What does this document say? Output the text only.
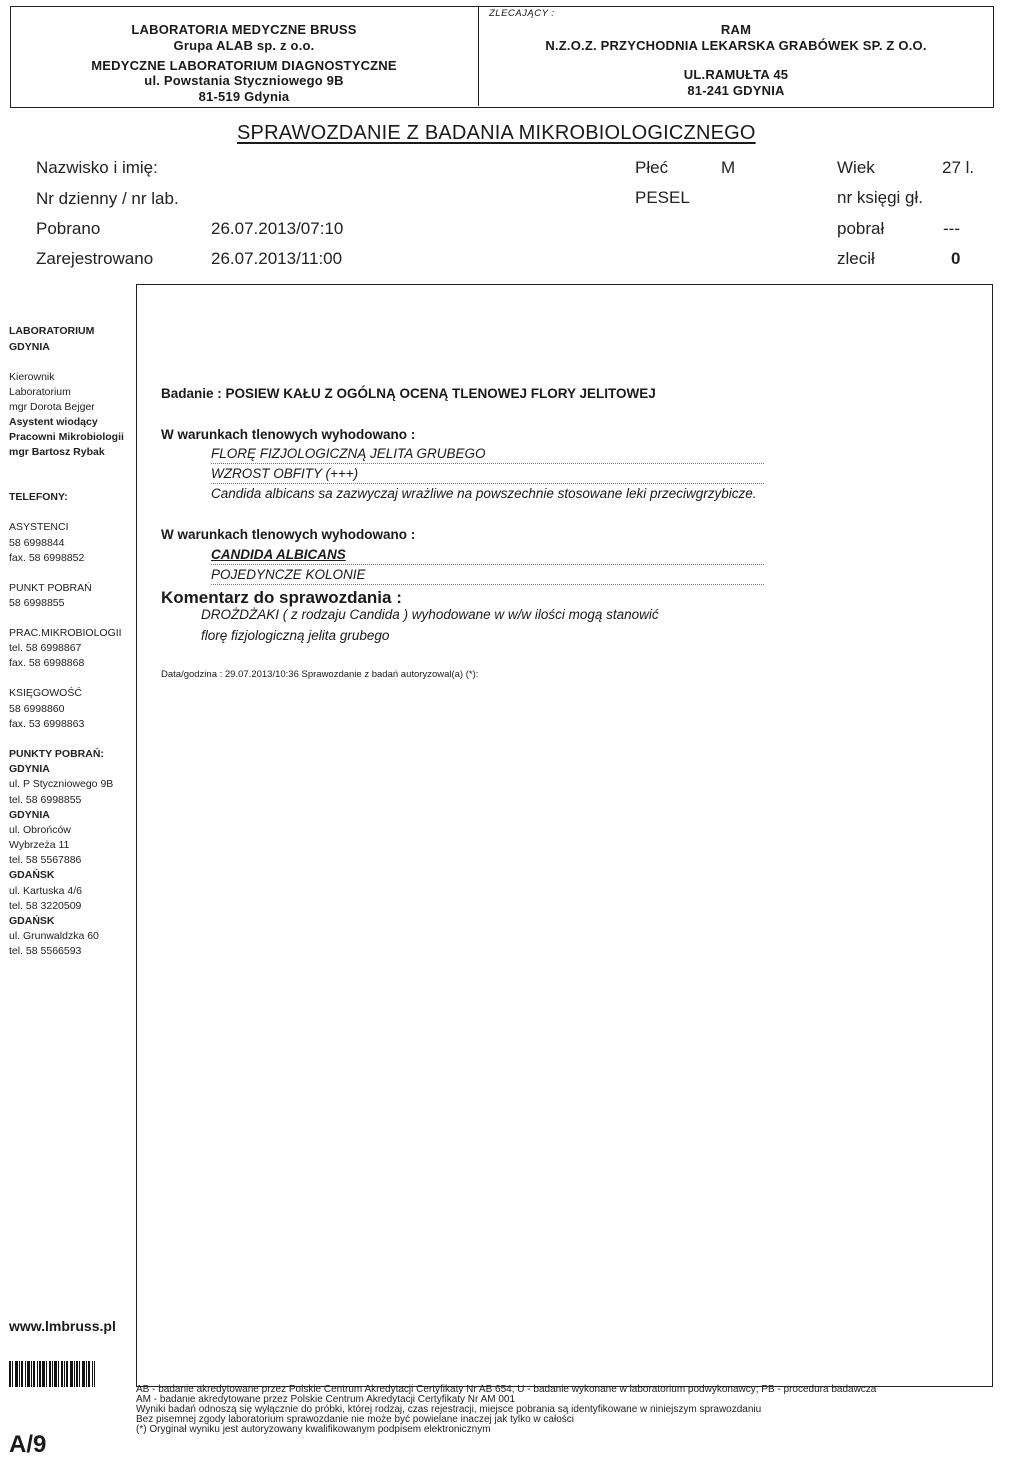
LABORATORIA MEDYCZNE BRUSS
Grupa ALAB sp. z o.o.
MEDYCZNE LABORATORIUM DIAGNOSTYCZNE
ul. Powstania Styczniowego 9B
81-519 Gdynia
ZLECAJĄCY :
RAM
N.Z.O.Z. PRZYCHODNIA LEKARSKA GRABÓWEK SP. Z O.O.
UL.RAMUŁTA 45
81-241 GDYNIA
SPRAWOZDANIE Z BADANIA MIKROBIOLOGICZNEGO
Nazwisko i imię:
Nr dzienny / nr lab.
Pobrano	26.07.2013/07:10
Zarejestrowano	26.07.2013/11:00
Płeć	M
PESEL
Wiek	27 l.
nr księgi gł.
pobrał	---
zlecił	0
LABORATORIUM
GDYNIA
Kierownik
Laboratorium
mgr Dorota Bejger
Asystent wiodący
Pracowni Mikrobiologii
mgr Bartosz Rybak
TELEFONY:
ASYSTENCI
58 6998844
fax. 58 6998852
PUNKT POBRAŃ
58 6998855
PRAC.MIKROBIOLOGII
tel. 58 6998867
fax. 58 6998868
KSIĘGOWOŚĆ
58 6998860
fax. 53 6998863
PUNKTY POBRAŃ:
GDYNIA
ul. P Styczniowego 9B
tel. 58 6998855
GDYNIA
ul. Obrońców
Wybrzeża 11
tel. 58 5567886
GDAŃSK
ul. Kartuska 4/6
tel. 58 3220509
GDAŃSK
ul. Grunwaldzka 60
tel. 58 5566593
www.lmbruss.pl
A/9
Badanie : POSIEW KAŁU Z OGÓLNĄ OCENĄ TLENOWEJ FLORY JELITOWEJ
W warunkach tlenowych wyhodowano :
FLORĘ FIZJOLOGICZNĄ JELITA GRUBEGO
WZROST OBFITY (+++)
Candida albicans sa zazwyczaj wrażliwe na powszechnie stosowane leki przeciwgrzybicze.
W warunkach tlenowych wyhodowano :
CANDIDA ALBICANS
POJEDYNCZE KOLONIE
Komentarz do sprawozdania :
DROŻDŻAKI ( z rodzaju Candida ) wyhodowane w w/w ilości mogą stanowić
florę fizjologiczną jelita grubego
Data/godzina : 29.07.2013/10:36 Sprawozdanie z badań autoryzowal(a) (*):
AB - badanie akredytowane przez Polskie Centrum Akredytacji Certyfikaty Nr AB 654, U - badanie wykonane w laboratorium podwykonawcy; PB - procedura badawcza
AM - badanie akredytowane przez Polskie Centrum Akredytacji Certyfikaty Nr AM 001
Wyniki badań odnoszą się wyłącznie do próbki, której rodzaj, czas rejestracji, miejsce pobrania są identyfikowane w niniejszym sprawozdaniu
Bez pisemnej zgody laboratorium sprawozdanie nie może być powielane inaczej jak tylko w całości
(*) Oryginał wyniku jest autoryzowany kwalifikowanym podpisem elektronicznym
